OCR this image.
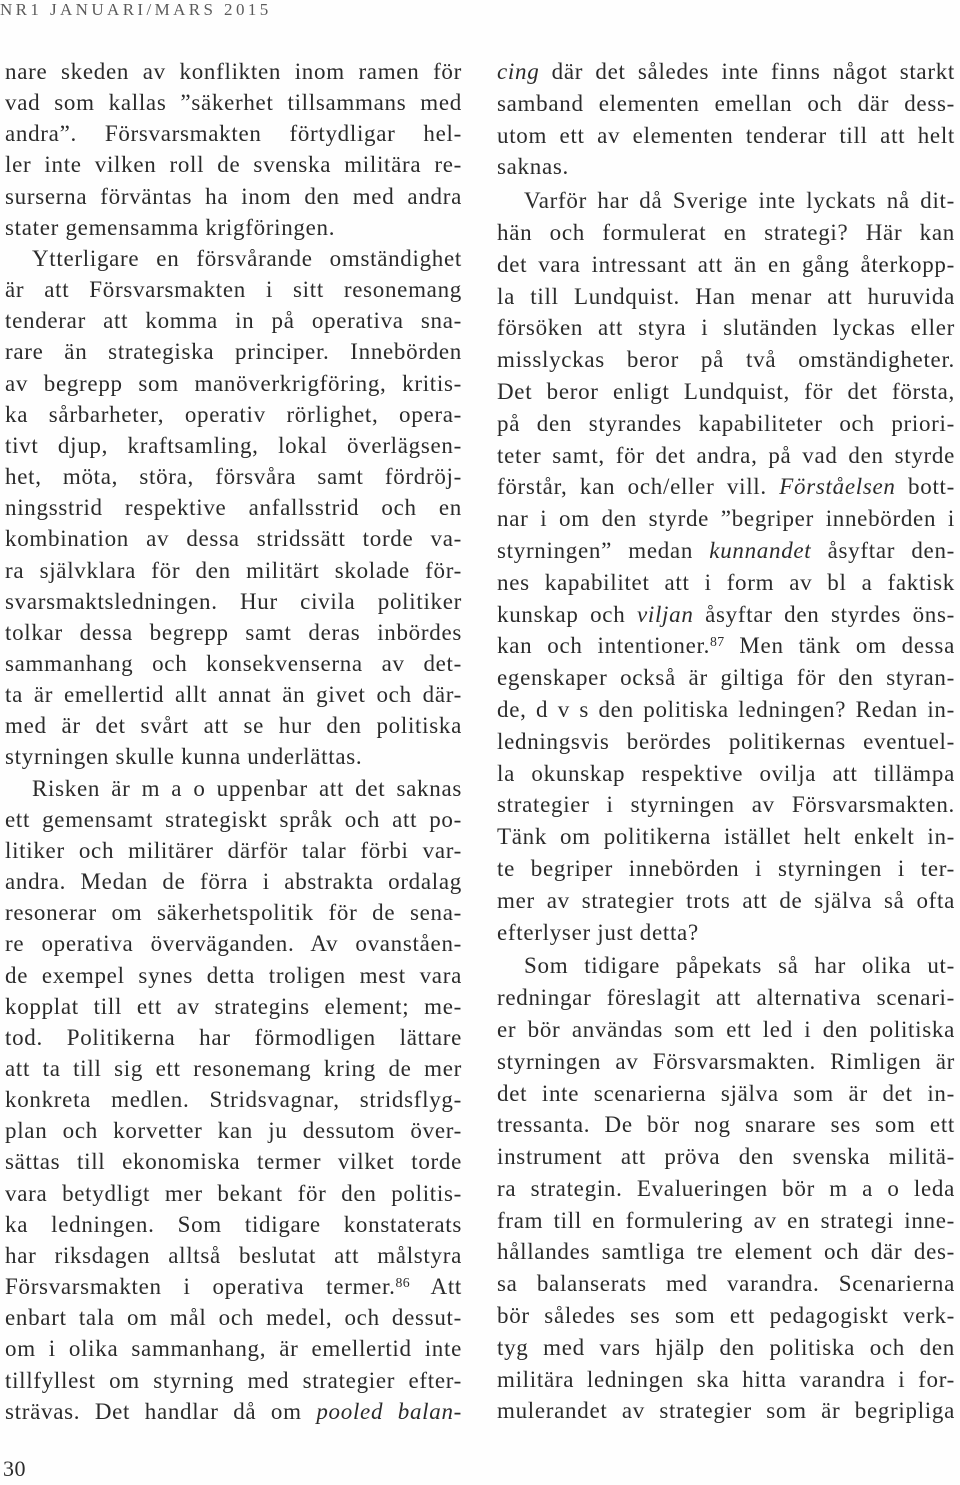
NR1 JANUARI/MARS 2015
nare skeden av konflikten inom ramen för
vad som kallas ”säkerhet tillsammans med
andra”. Försvarsmakten förtydligar hel-
ler inte vilken roll de svenska militära re-
surserna förväntas ha inom den med andra
stater gemensamma krigföringen.
Ytterligare en försvårande omständighet
är att Försvarsmakten i sitt resonemang
tenderar att komma in på operativa sna-
rare än strategiska principer. Innebörden
av begrepp som manöverkrigföring, kritis-
ka sårbarheter, operativ rörlighet, opera-
tivt djup, kraftsamling, lokal överlägsen-
het, möta, störa, försvåra samt fördröj-
ningsstrid respektive anfallsstrid och en
kombination av dessa stridssätt torde va-
ra självklara för den militärt skolade för-
svarsmaktsledningen. Hur civila politiker
tolkar dessa begrepp samt deras inbördes
sammanhang och konsekvenserna av det-
ta är emellertid allt annat än givet och där-
med är det svårt att se hur den politiska
styrningen skulle kunna underlättas.
Risken är m a o uppenbar att det saknas
ett gemensamt strategiskt språk och att po-
litiker och militärer därför talar förbi var-
andra. Medan de förra i abstrakta ordalag
resonerar om säkerhetspolitik för de sena-
re operativa överväganden. Av ovanståen-
de exempel synes detta troligen mest vara
kopplat till ett av strategins element; me-
tod. Politikerna har förmodligen lättare
att ta till sig ett resonemang kring de mer
konkreta medlen. Stridsvagnar, stridsflyg-
plan och korvetter kan ju dessutom över-
sättas till ekonomiska termer vilket torde
vara betydligt mer bekant för den politis-
ka ledningen. Som tidigare konstaterats
har riksdagen alltså beslutat att målstyra
Försvarsmakten i operativa termer.$^{86}$ Att
enbart tala om mål och medel, och dessut-
om i olika sammanhang, är emellertid inte
tillfyllest om styrning med strategier efter-
strävas. Det handlar då om pooled balan-
cing där det således inte finns något starkt
samband elementen emellan och där dess-
utom ett av elementen tenderar till att helt
saknas.
Varför har då Sverige inte lyckats nå dit-
hän och formulerat en strategi? Här kan
det vara intressant att än en gång återkopp-
la till Lundquist. Han menar att huruvida
försöken att styra i slutänden lyckas eller
misslyckas beror på två omständigheter.
Det beror enligt Lundquist, för det första,
på den styrandes kapabiliteter och priori-
teter samt, för det andra, på vad den styrde
förstår, kan och/eller vill. Förståelsen bott-
nar i om den styrde ”begriper innebörden i
styrningen” medan kunnandet åsyftar den-
nes kapabilitet att i form av bl a faktisk
kunskap och viljan åsyftar den styrdes öns-
kan och intentioner.$^{87}$ Men tänk om dessa
egenskaper också är giltiga för den styran-
de, d v s den politiska ledningen? Redan in-
ledningsvis berördes politikernas eventuel-
la okunskap respektive ovilja att tillämpa
strategier i styrningen av Försvarsmakten.
Tänk om politikerna istället helt enkelt in-
te begriper innebörden i styrningen i ter-
mer av strategier trots att de själva så ofta
efterlyser just detta?
Som tidigare påpekats så har olika ut-
redningar föreslagit att alternativa scenari-
er bör användas som ett led i den politiska
styrningen av Försvarsmakten. Rimligen är
det inte scenarierna själva som är det in-
tressanta. De bör nog snarare ses som ett
instrument att pröva den svenska militä-
ra strategin. Evalueringen bör m a o leda
fram till en formulering av en strategi inne-
hållandes samtliga tre element och där des-
sa balanserats med varandra. Scenarierna
bör således ses som ett pedagogiskt verk-
tyg med vars hjälp den politiska och den
militära ledningen ska hitta varandra i for-
mulerandet av strategier som är begripliga
30
